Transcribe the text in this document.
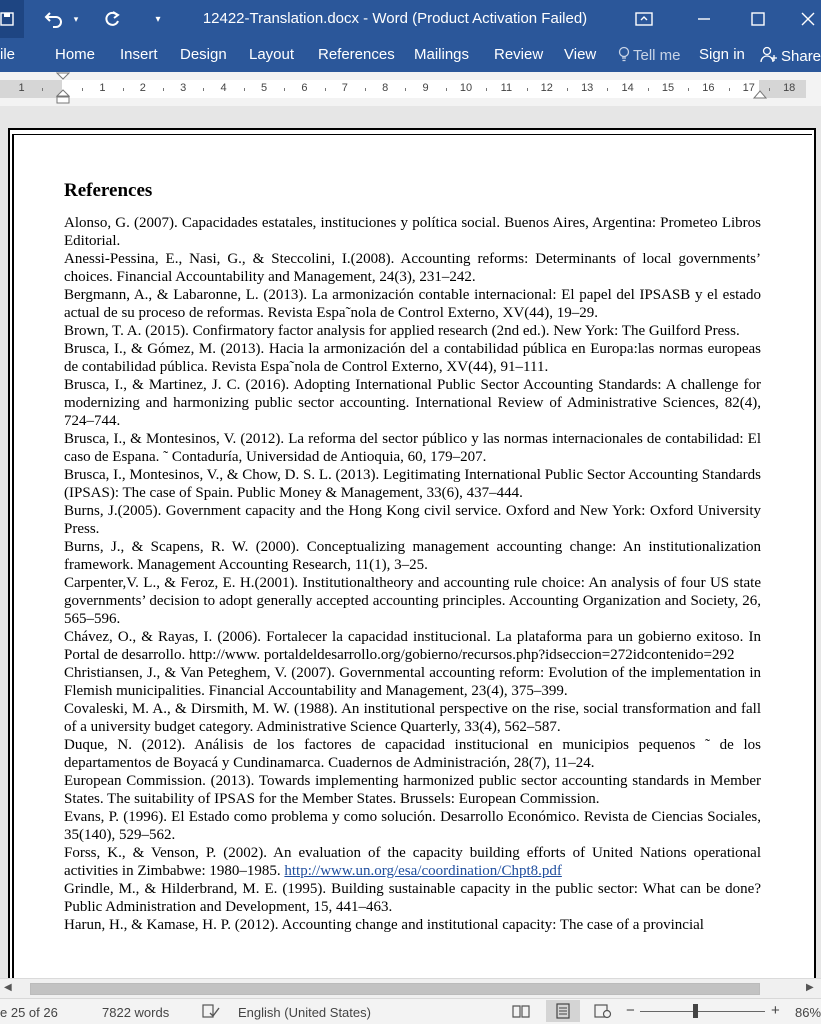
▾	▾	12422-Translation.docx - Word (Product Activation Failed)
ile	Home Insert Design Layout References Mailings Review View	Tell me Sign in	Share
1	1	2	3	4	5	6	7	8	9	10	11	12	13	14	15	16	17	18
References
Alonso, G. (2007). Capacidades estatales, instituciones y política social. Buenos Aires, Argentina: Prometeo Libros Editorial.
Anessi-Pessina, E., Nasi, G., & Steccolini, I.(2008). Accounting reforms: Determinants of local governments’ choices. Financial Accountability and Management, 24(3), 231–242.
Bergmann, A., & Labaronne, L. (2013). La armonización contable internacional: El papel del IPSASB y el estado actual de su proceso de reformas. Revista Espa˜nola de Control Externo, XV(44), 19–29.
Brown, T. A. (2015). Confirmatory factor analysis for applied research (2nd ed.). New York: The Guilford Press.
Brusca, I., & Gómez, M. (2013). Hacia la armonización del a contabilidad pública en Europa:las normas europeas de contabilidad pública. Revista Espa˜nola de Control Externo, XV(44), 91–111.
Brusca, I., & Martinez, J. C. (2016). Adopting International Public Sector Accounting Standards: A challenge for modernizing and harmonizing public sector accounting. International Review of Administrative Sciences, 82(4), 724–744.
Brusca, I., & Montesinos, V. (2012). La reforma del sector público y las normas internacionales de contabilidad: El caso de Espana. ˜ Contaduría, Universidad de Antioquia, 60, 179–207.
Brusca, I., Montesinos, V., & Chow, D. S. L. (2013). Legitimating International Public Sector Accounting Standards (IPSAS): The case of Spain. Public Money & Management, 33(6), 437–444.
Burns, J.(2005). Government capacity and the Hong Kong civil service. Oxford and New York: Oxford University Press.
Burns, J., & Scapens, R. W. (2000). Conceptualizing management accounting change: An institutionalization framework. Management Accounting Research, 11(1), 3–25.
Carpenter,V. L., & Feroz, E. H.(2001). Institutionaltheory and accounting rule choice: An analysis of four US state governments’ decision to adopt generally accepted accounting principles. Accounting Organization and Society, 26, 565–596.
Chávez, O., & Rayas, I. (2006). Fortalecer la capacidad institucional. La plataforma para un gobierno exitoso. In Portal de desarrollo. http://www. portaldeldesarrollo.org/gobierno/recursos.php?idseccion=272idcontenido=292
Christiansen, J., & Van Peteghem, V. (2007). Governmental accounting reform: Evolution of the implementation in Flemish municipalities. Financial Accountability and Management, 23(4), 375–399.
Covaleski, M. A., & Dirsmith, M. W. (1988). An institutional perspective on the rise, social transformation and fall of a university budget category. Administrative Science Quarterly, 33(4), 562–587.
Duque, N. (2012). Análisis de los factores de capacidad institucional en municipios pequenos ˜ de los departamentos de Boyacá y Cundinamarca. Cuadernos de Administración, 28(7), 11–24.
European Commission. (2013). Towards implementing harmonized public sector accounting standards in Member States. The suitability of IPSAS for the Member States. Brussels: European Commission.
Evans, P. (1996). El Estado como problema y como solución. Desarrollo Económico. Revista de Ciencias Sociales, 35(140), 529–562.
Forss, K., & Venson, P. (2002). An evaluation of the capacity building efforts of United Nations operational activities in Zimbabwe: 1980–1985. http://www.un.org/esa/coordination/Chpt8.pdf
Grindle, M., & Hilderbrand, M. E. (1995). Building sustainable capacity in the public sector: What can be done? Public Administration and Development, 15, 441–463.
Harun, H., & Kamase, H. P. (2012). Accounting change and institutional capacity: The case of a provincial
◀	▶
e 25 of 26	7822 words	English (United States)	−	+ 86%
